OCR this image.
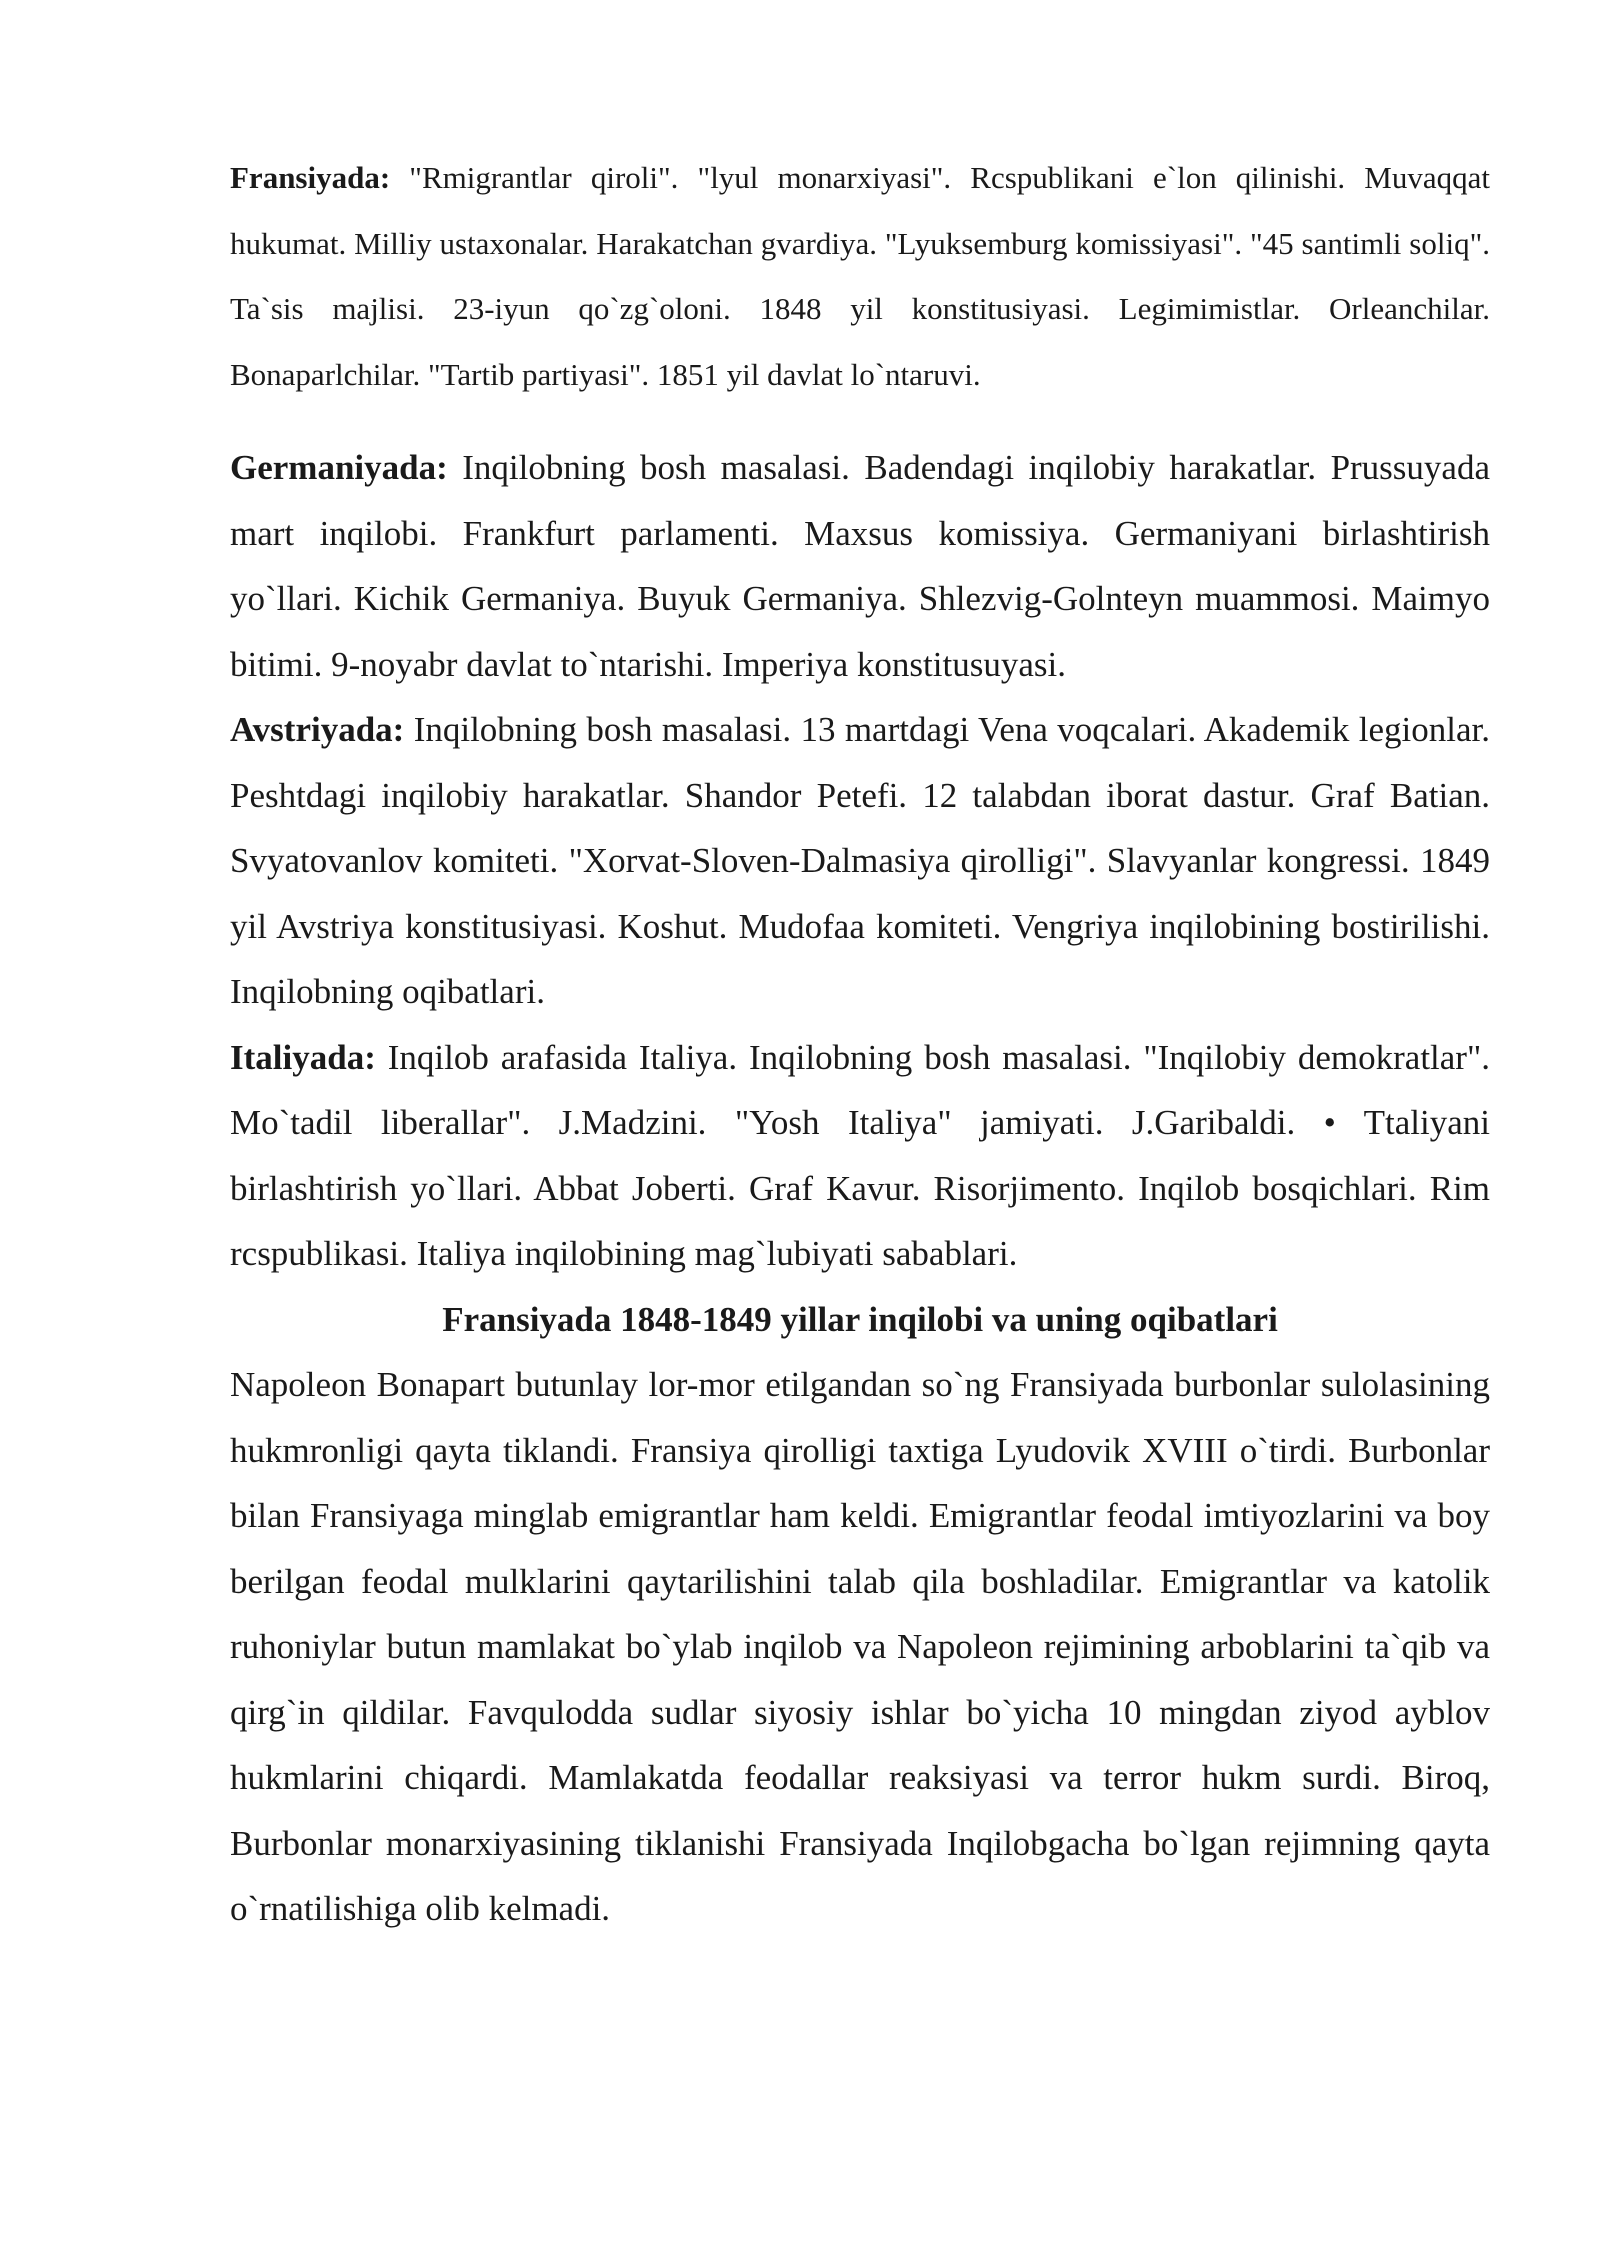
Fransiyada: "Rmigrantlar qiroli". "lyul monarxiyasi". Rcspublikani e`lon qilinishi. Muvaqqat hukumat. Milliy ustaxonalar. Harakatchan gvardiya. "Lyuksemburg komissiyasi". "45 santimli soliq". Ta`sis majlisi. 23-iyun qo`zg`oloni. 1848 yil konstitusiyasi. Legimimistlar. Orleanchilar. Bonaparlchilar. "Tartib partiyasi". 1851 yil davlat lo`ntaruvi.

Germaniyada: Inqilobning bosh masalasi. Badendagi inqilobiy harakatlar. Prussuyada mart inqilobi. Frankfurt parlamenti. Maxsus komissiya. Germaniyani birlashtirish yo`llari. Kichik Germaniya. Buyuk Germaniya. Shlezvig-Golnteyn muammosi. Maimyo bitimi. 9-noyabr davlat to`ntarishi. Imperiya konstitusuyasi.

Avstriyada: Inqilobning bosh masalasi. 13 martdagi Vena voqcalari. Akademik legionlar. Peshtdagi inqilobiy harakatlar. Shandor Petefi. 12 talabdan iborat dastur. Graf Batian. Svyatovanlov komiteti. "Xorvat-Sloven-Dalmasiya qirolligi". Slavyanlar kongressi. 1849 yil Avstriya konstitusiyasi. Koshut. Mudofaa komiteti. Vengriya inqilobining bostirilishi. Inqilobning oqibatlari.

Italiyada: Inqilob arafasida Italiya. Inqilobning bosh masalasi. "Inqilobiy demokratlar". Mo`tadil liberallar". J.Madzini. "Yosh Italiya" jamiyati. J.Garibaldi. • Ttaliyani birlashtirish yo`llari. Abbat Joberti. Graf Kavur. Risorjimento. Inqilob bosqichlari. Rim rcspublikasi. Italiya inqilobining mag`lubiyati sabablari.

Fransiyada 1848-1849 yillar inqilobi va uning oqibatlari

Napoleon Bonapart butunlay lor-mor etilgandan so`ng Fransiyada burbonlar sulolasining hukmronligi qayta tiklandi. Fransiya qirolligi taxtiga Lyudovik XVIII o`tirdi. Burbonlar bilan Fransiyaga minglab emigrantlar ham keldi. Emigrantlar feodal imtiyozlarini va boy berilgan feodal mulklarini qaytarilishini talab qila boshladilar. Emigrantlar va katolik ruhoniylar butun mamlakat bo`ylab inqilob va Napoleon rejimining arboblarini ta`qib va qirg`in qildilar. Favqulodda sudlar siyosiy ishlar bo`yicha 10 mingdan ziyod ayblov hukmlarini chiqardi. Mamlakatda feodallar reaksiyasi va terror hukm surdi. Biroq, Burbonlar monarxiyasining tiklanishi Fransiyada Inqilobgacha bo`lgan rejimning qayta o`rnatilishiga olib kelmadi.
